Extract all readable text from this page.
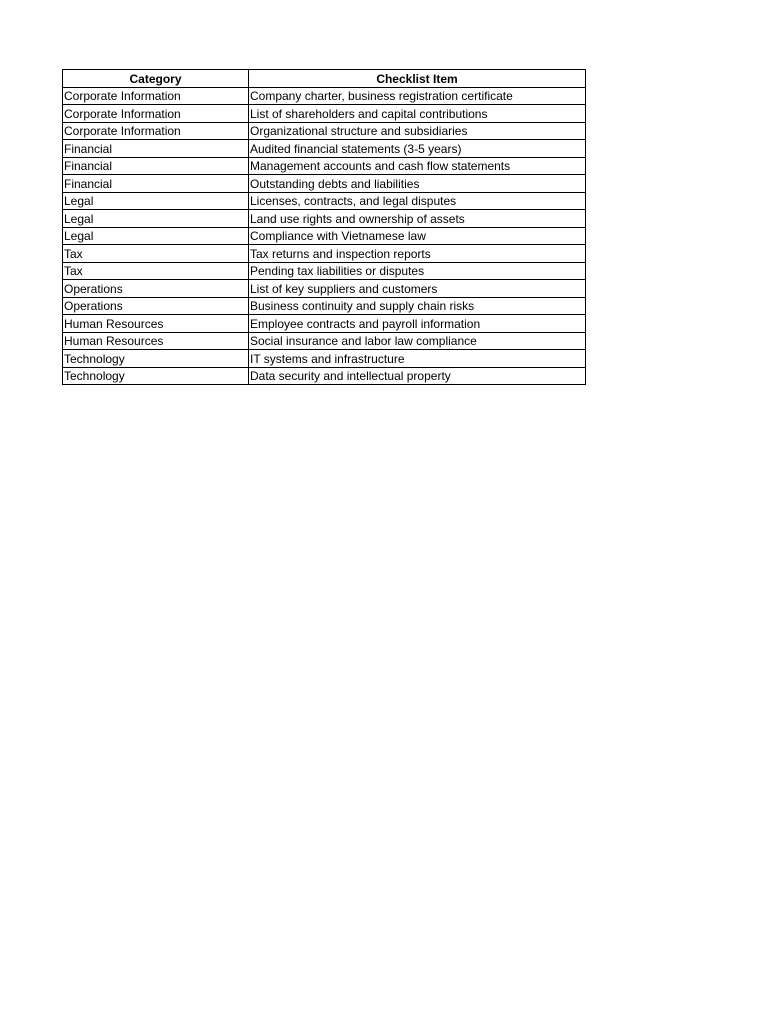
Category	Checklist Item
Corporate Information	Company charter, business registration certificate
Corporate Information	List of shareholders and capital contributions
Corporate Information	Organizational structure and subsidiaries
Financial	Audited financial statements (3-5 years)
Financial	Management accounts and cash flow statements
Financial	Outstanding debts and liabilities
Legal	Licenses, contracts, and legal disputes
Legal	Land use rights and ownership of assets
Legal	Compliance with Vietnamese law
Tax	Tax returns and inspection reports
Tax	Pending tax liabilities or disputes
Operations	List of key suppliers and customers
Operations	Business continuity and supply chain risks
Human Resources	Employee contracts and payroll information
Human Resources	Social insurance and labor law compliance
Technology	IT systems and infrastructure
Technology	Data security and intellectual property
